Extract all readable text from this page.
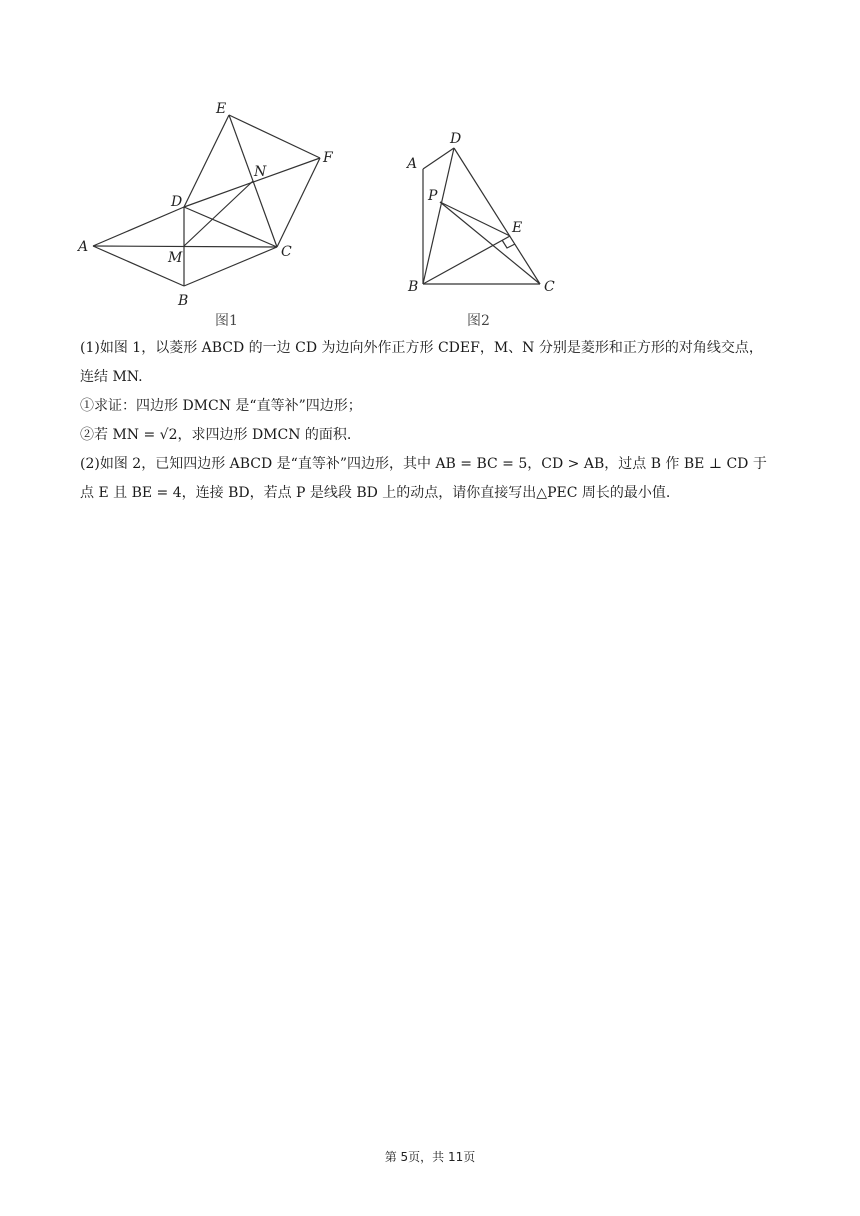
A
B
C
D
E
F
M
N
图1
A
B	C
D
E
P
图2

(1)如图 1，以菱形 ABCD 的一边 CD 为边向外作正方形 CDEF，M、N 分别是菱形和正方形的对角线交点，

连结 MN.

①求证：四边形 DMCN 是“直等补”四边形；

②若 MN = √2，求四边形 DMCN 的面积.

(2)如图 2，已知四边形 ABCD 是“直等补”四边形，其中 AB = BC = 5，CD > AB，过点 B 作 BE ⊥ CD 于

点 E 且 BE = 4，连接 BD，若点 P 是线段 BD 上的动点，请你直接写出△PEC 周长的最小值.

第 5页，共 11页
